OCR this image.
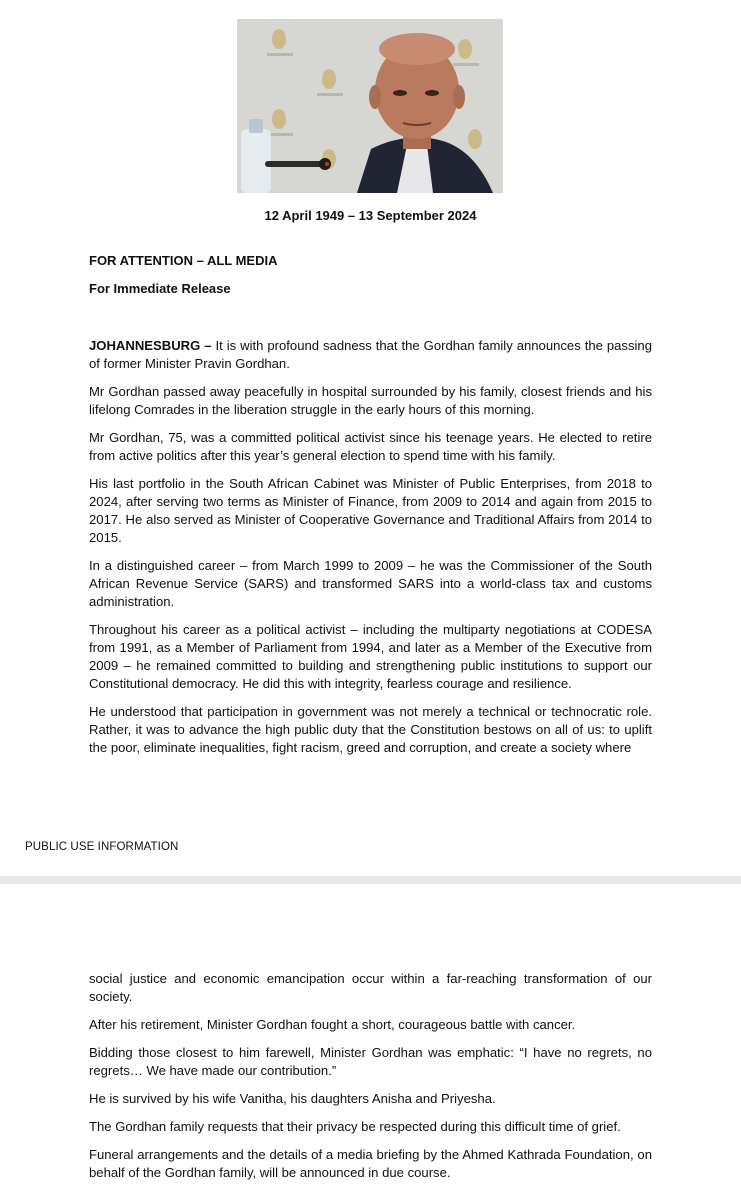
12 April 1949 – 13 September 2024
FOR ATTENTION – ALL MEDIA
For Immediate Release

JOHANNESBURG – It is with profound sadness that the Gordhan family announces the passing of former Minister Pravin Gordhan.

Mr Gordhan passed away peacefully in hospital surrounded by his family, closest friends and his lifelong Comrades in the liberation struggle in the early hours of this morning.

Mr Gordhan, 75, was a committed political activist since his teenage years. He elected to retire from active politics after this year’s general election to spend time with his family.

His last portfolio in the South African Cabinet was Minister of Public Enterprises, from 2018 to 2024, after serving two terms as Minister of Finance, from 2009 to 2014 and again from 2015 to 2017. He also served as Minister of Cooperative Governance and Traditional Affairs from 2014 to 2015.

In a distinguished career – from March 1999 to 2009 – he was the Commissioner of the South African Revenue Service (SARS) and transformed SARS into a world-class tax and customs administration.

Throughout his career as a political activist – including the multiparty negotiations at CODESA from 1991, as a Member of Parliament from 1994, and later as a Member of the Executive from 2009 – he remained committed to building and strengthening public institutions to support our Constitutional democracy. He did this with integrity, fearless courage and resilience.

He understood that participation in government was not merely a technical or technocratic role. Rather, it was to advance the high public duty that the Constitution bestows on all of us: to uplift the poor, eliminate inequalities, fight racism, greed and corruption, and create a society where

PUBLIC USE INFORMATION

social justice and economic emancipation occur within a far-reaching transformation of our society.

After his retirement, Minister Gordhan fought a short, courageous battle with cancer.

Bidding those closest to him farewell, Minister Gordhan was emphatic: “I have no regrets, no regrets… We have made our contribution.”

He is survived by his wife Vanitha, his daughters Anisha and Priyesha.

The Gordhan family requests that their privacy be respected during this difficult time of grief.

Funeral arrangements and the details of a media briefing by the Ahmed Kathrada Foundation, on behalf of the Gordhan family, will be announced in due course.
